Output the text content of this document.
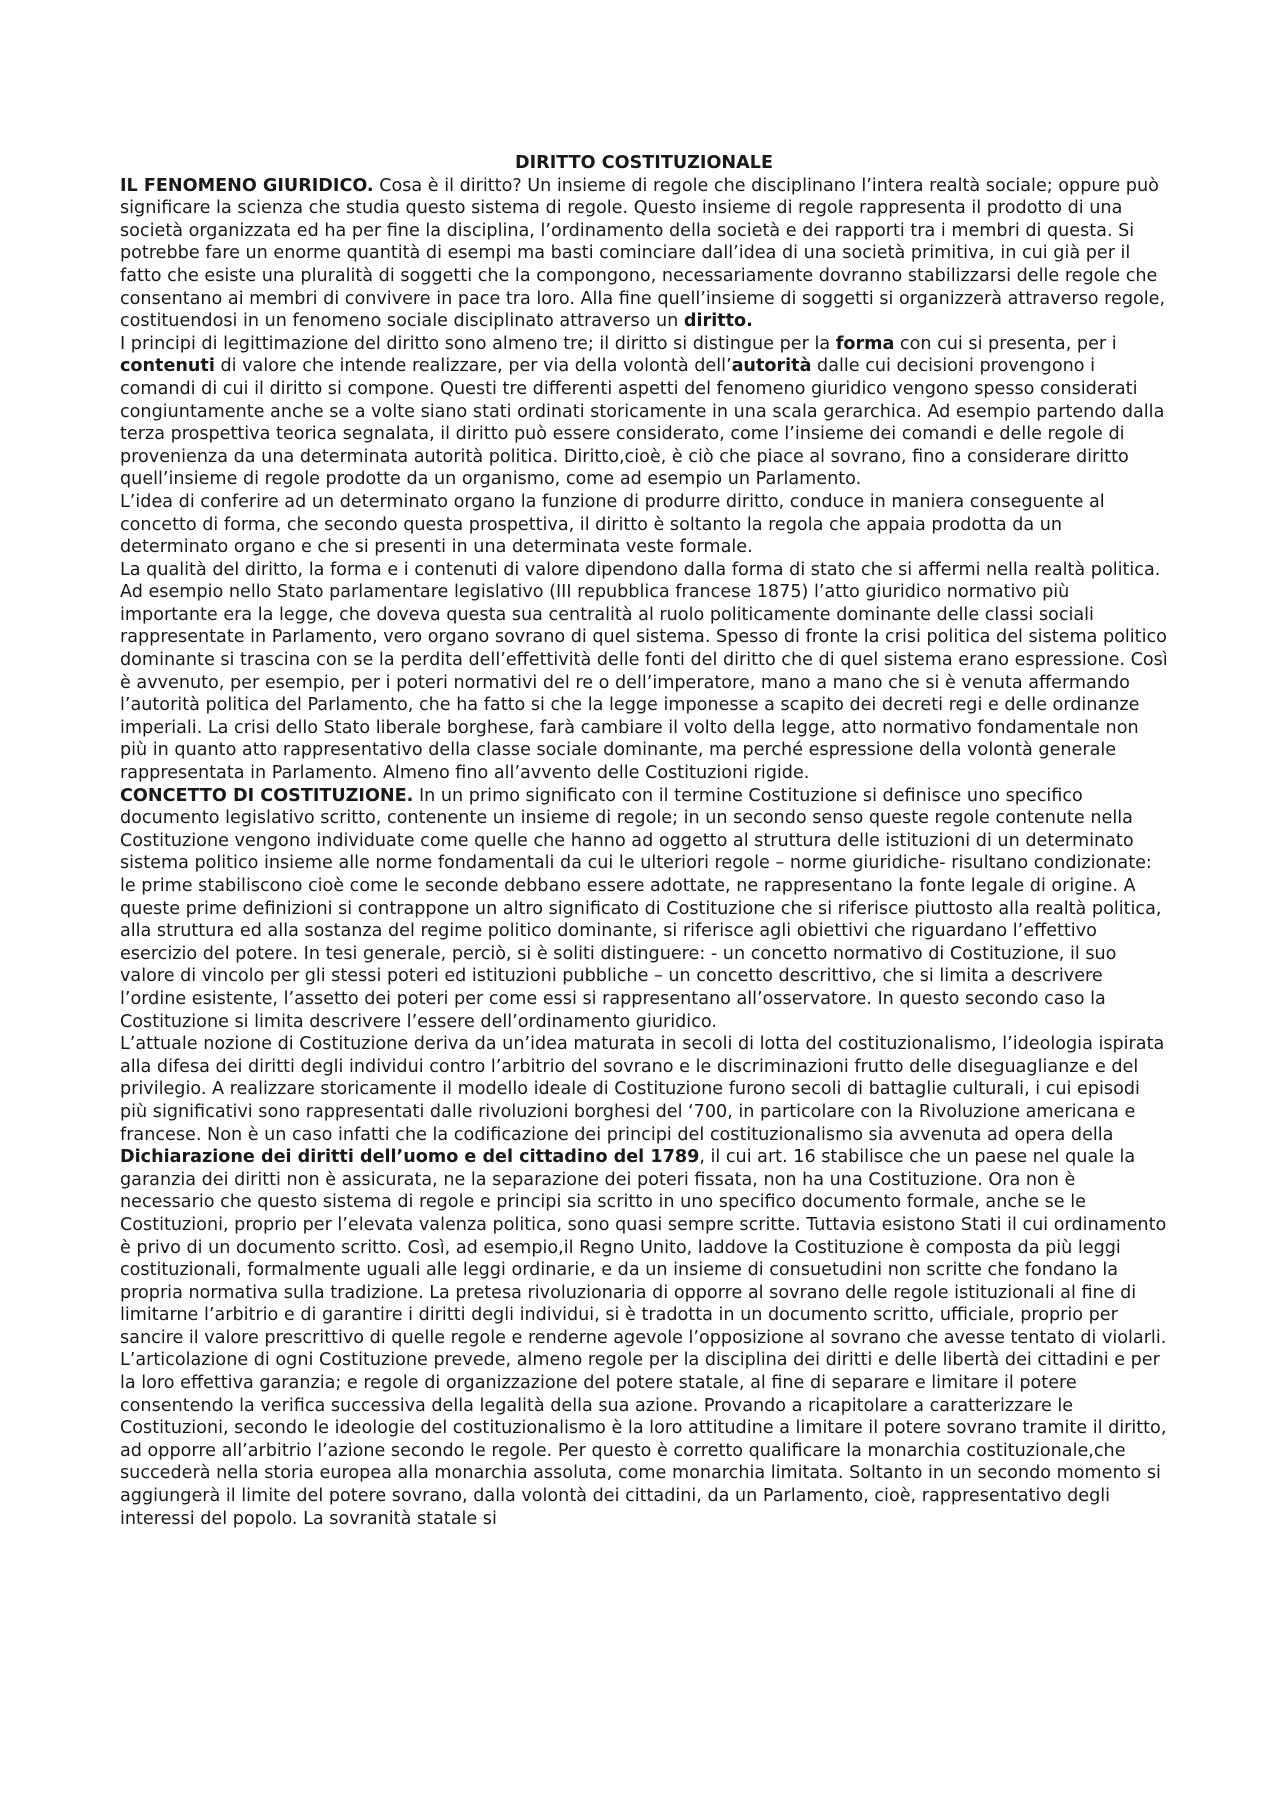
DIRITTO COSTITUZIONALE

IL FENOMENO GIURIDICO. Cosa è il diritto? Un insieme di regole che disciplinano l’intera realtà sociale; oppure può significare la scienza che studia questo sistema di regole. Questo insieme di regole rappresenta il prodotto di una società organizzata ed ha per fine la disciplina, l’ordinamento della società e dei rapporti tra i membri di questa. Si potrebbe fare un enorme quantità di esempi ma basti cominciare dall’idea di una società primitiva, in cui già per il fatto che esiste una pluralità di soggetti che la compongono, necessariamente dovranno stabilizzarsi delle regole che consentano ai membri di convivere in pace tra loro. Alla fine quell’insieme di soggetti si organizzerà attraverso regole, costituendosi in un fenomeno sociale disciplinato attraverso un diritto.

I principi di legittimazione del diritto sono almeno tre; il diritto si distingue per la forma con cui si presenta, per i contenuti di valore che intende realizzare, per via della volontà dell’autorità dalle cui decisioni provengono i comandi di cui il diritto si compone. Questi tre differenti aspetti del fenomeno giuridico vengono spesso considerati congiuntamente anche se a volte siano stati ordinati storicamente in una scala gerarchica. Ad esempio partendo dalla terza prospettiva teorica segnalata, il diritto può essere considerato, come l’insieme dei comandi e delle regole di provenienza da una determinata autorità politica. Diritto,cioè, è ciò che piace al sovrano, fino a considerare diritto quell’insieme di regole prodotte da un organismo, come ad esempio un Parlamento.

L’idea di conferire ad un determinato organo la funzione di produrre diritto, conduce in maniera conseguente al concetto di forma, che secondo questa prospettiva, il diritto è soltanto la regola che appaia prodotta da un determinato organo e che si presenti in una determinata veste formale.

La qualità del diritto, la forma e i contenuti di valore dipendono dalla forma di stato che si affermi nella realtà politica. Ad esempio nello Stato parlamentare legislativo (III repubblica francese 1875) l’atto giuridico normativo più importante era la legge, che doveva questa sua centralità al ruolo politicamente dominante delle classi sociali rappresentate in Parlamento, vero organo sovrano di quel sistema. Spesso di fronte la crisi politica del sistema politico dominante si trascina con se la perdita dell’effettività delle fonti del diritto che di quel sistema erano espressione. Così è avvenuto, per esempio, per i poteri normativi del re o dell’imperatore, mano a mano che si è venuta affermando l’autorità politica del Parlamento, che ha fatto si che la legge imponesse a scapito dei decreti regi e delle ordinanze imperiali. La crisi dello Stato liberale borghese, farà cambiare il volto della legge, atto normativo fondamentale non più in quanto atto rappresentativo della classe sociale dominante, ma perché espressione della volontà generale rappresentata in Parlamento. Almeno fino all’avvento delle Costituzioni rigide.

CONCETTO DI COSTITUZIONE. In un primo significato con il termine Costituzione si definisce uno specifico documento legislativo scritto, contenente un insieme di regole; in un secondo senso queste regole contenute nella Costituzione vengono individuate come quelle che hanno ad oggetto al struttura delle istituzioni di un determinato sistema politico insieme alle norme fondamentali da cui le ulteriori regole – norme giuridiche- risultano condizionate: le prime stabiliscono cioè come le seconde debbano essere adottate, ne rappresentano la fonte legale di origine. A queste prime definizioni si contrappone un altro significato di Costituzione che si riferisce piuttosto alla realtà politica, alla struttura ed alla sostanza del regime politico dominante, si riferisce agli obiettivi che riguardano l’effettivo esercizio del potere. In tesi generale, perciò, si è soliti distinguere: - un concetto normativo di Costituzione, il suo valore di vincolo per gli stessi poteri ed istituzioni pubbliche – un concetto descrittivo, che si limita a descrivere l’ordine esistente, l’assetto dei poteri per come essi si rappresentano all’osservatore. In questo secondo caso la Costituzione si limita descrivere l’essere dell’ordinamento giuridico.

L’attuale nozione di Costituzione deriva da un’idea maturata in secoli di lotta del costituzionalismo, l’ideologia ispirata alla difesa dei diritti degli individui contro l’arbitrio del sovrano e le discriminazioni frutto delle diseguaglianze e del privilegio. A realizzare storicamente il modello ideale di Costituzione furono secoli di battaglie culturali, i cui episodi più significativi sono rappresentati dalle rivoluzioni borghesi del ‘700, in particolare con la Rivoluzione americana e francese. Non è un caso infatti che la codificazione dei principi del costituzionalismo sia avvenuta ad opera della Dichiarazione dei diritti dell’uomo e del cittadino del 1789, il cui art. 16 stabilisce che un paese nel quale la garanzia dei diritti non è assicurata, ne la separazione dei poteri fissata, non ha una Costituzione. Ora non è necessario che questo sistema di regole e principi sia scritto in uno specifico documento formale, anche se le Costituzioni, proprio per l’elevata valenza politica, sono quasi sempre scritte. Tuttavia esistono Stati il cui ordinamento è privo di un documento scritto. Così, ad esempio,il Regno Unito, laddove la Costituzione è composta da più leggi costituzionali, formalmente uguali alle leggi ordinarie, e da un insieme di consuetudini non scritte che fondano la propria normativa sulla tradizione. La pretesa rivoluzionaria di opporre al sovrano delle regole istituzionali al fine di limitarne l’arbitrio e di garantire i diritti degli individui, si è tradotta in un documento scritto, ufficiale, proprio per sancire il valore prescrittivo di quelle regole e renderne agevole l’opposizione al sovrano che avesse tentato di violarli. L’articolazione di ogni Costituzione prevede, almeno regole per la disciplina dei diritti e delle libertà dei cittadini e per la loro effettiva garanzia; e regole di organizzazione del potere statale, al fine di separare e limitare il potere consentendo la verifica successiva della legalità della sua azione. Provando a ricapitolare a caratterizzare le Costituzioni, secondo le ideologie del costituzionalismo è la loro attitudine a limitare il potere sovrano tramite il diritto, ad opporre all’arbitrio l’azione secondo le regole. Per questo è corretto qualificare la monarchia costituzionale,che succederà nella storia europea alla monarchia assoluta, come monarchia limitata. Soltanto in un secondo momento si aggiungerà il limite del potere sovrano, dalla volontà dei cittadini, da un Parlamento, cioè, rappresentativo degli interessi del popolo. La sovranità statale si
